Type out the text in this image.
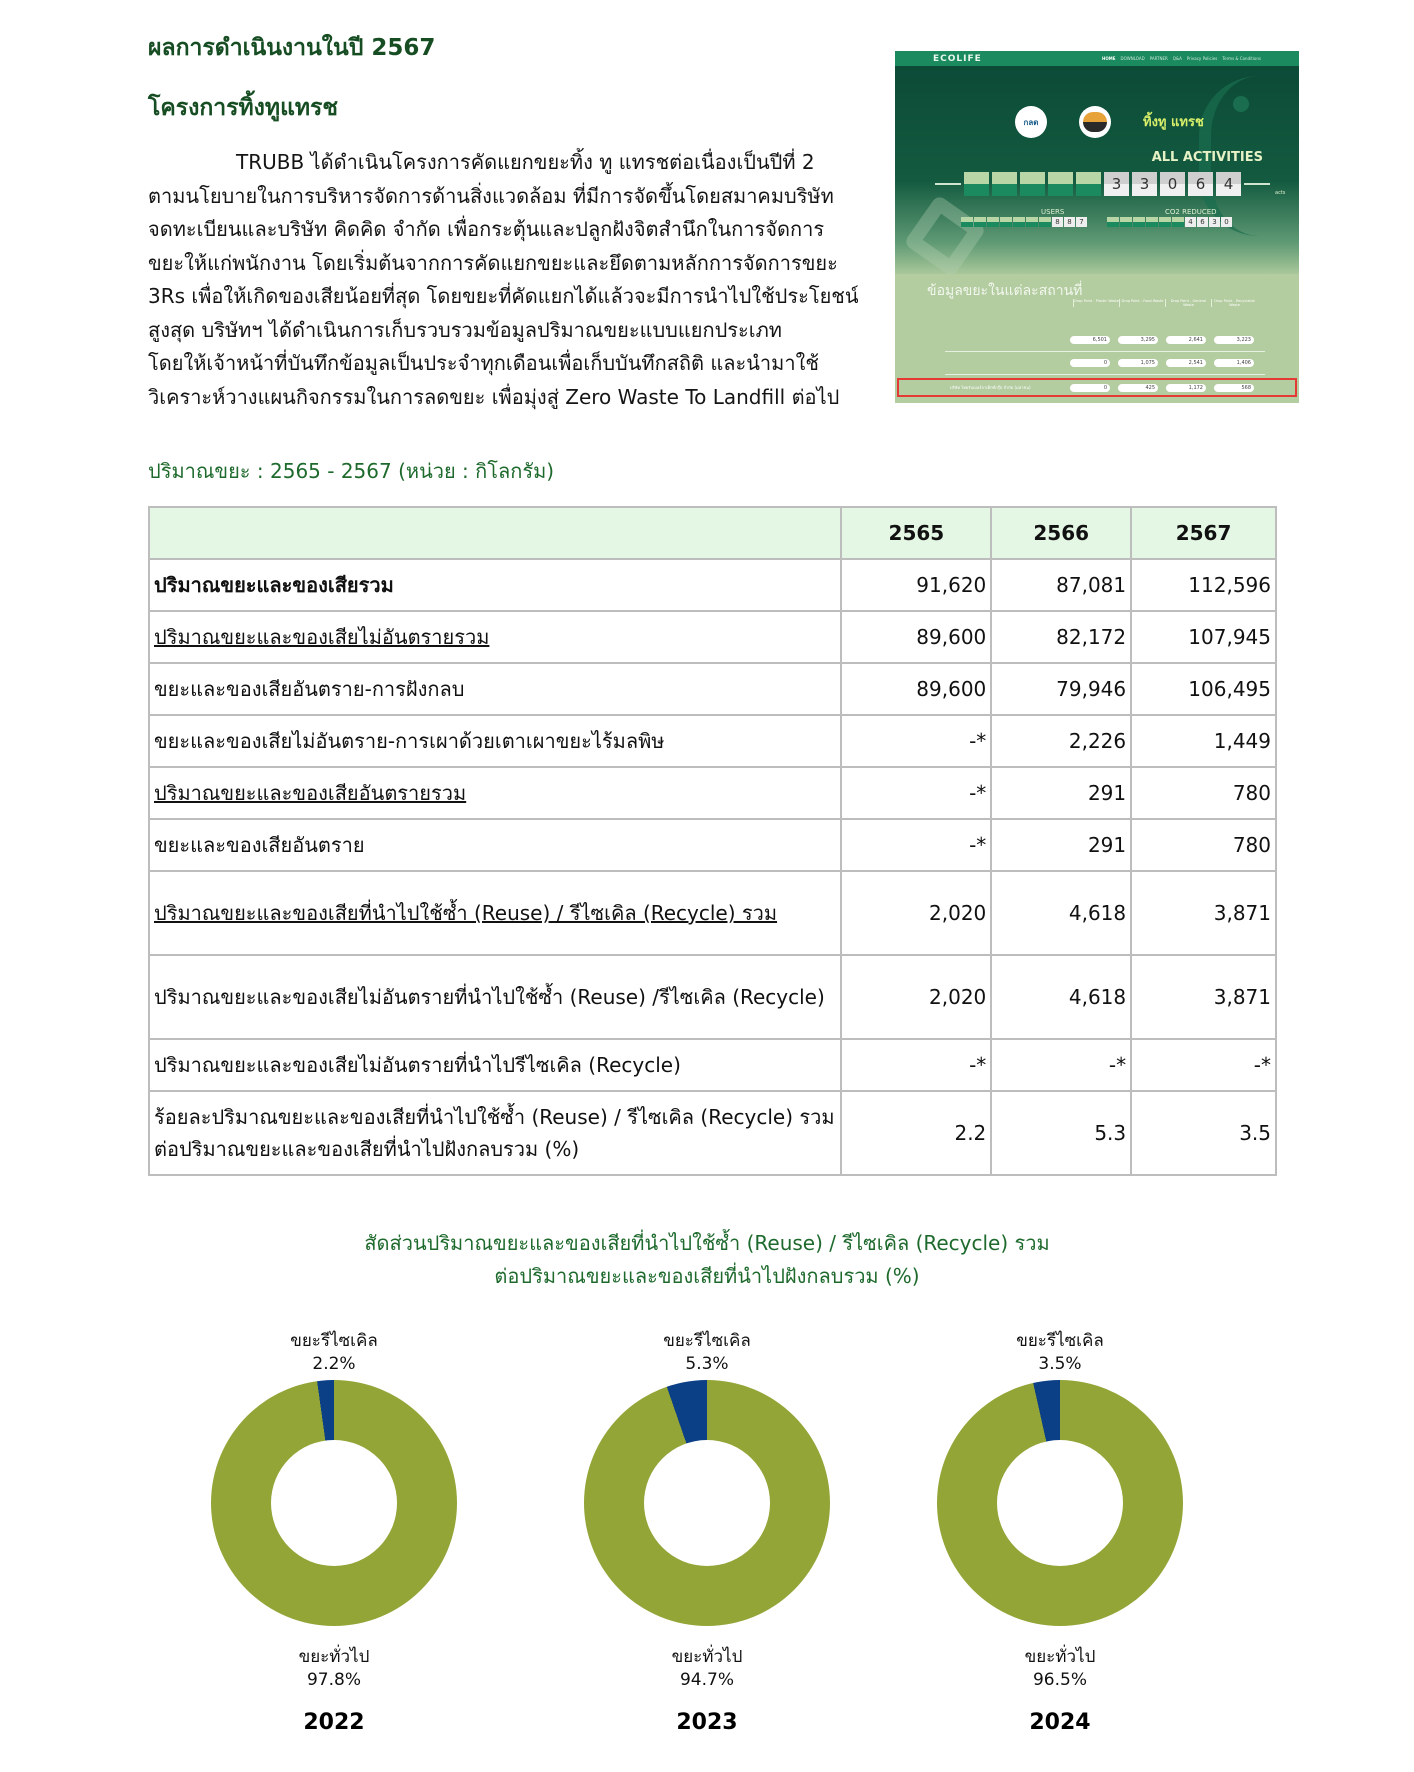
ผลการดำเนินงานในปี 2567
โครงการทิ้งทูแทรช

TRUBB ได้ดำเนินโครงการคัดแยกขยะทิ้ง ทู แทรชต่อเนื่องเป็นปีที่ 2

ตามนโยบายในการบริหารจัดการด้านสิ่งแวดล้อม ที่มีการจัดขึ้นโดยสมาคมบริษัท

จดทะเบียนและบริษัท คิดคิด จำกัด เพื่อกระตุ้นและปลูกฝังจิตสำนึกในการจัดการ

ขยะให้แก่พนักงาน โดยเริ่มต้นจากการคัดแยกขยะและยึดตามหลักการจัดการขยะ

3Rs เพื่อให้เกิดของเสียน้อยที่สุด โดยขยะที่คัดแยกได้แล้วจะมีการนำไปใช้ประโยชน์

สูงสุด บริษัทฯ ได้ดำเนินการเก็บรวบรวมข้อมูลปริมาณขยะแบบแยกประเภท

โดยให้เจ้าหน้าที่บันทึกข้อมูลเป็นประจำทุกเดือนเพื่อเก็บบันทึกสถิติ และนำมาใช้

วิเคราะห์วางแผนกิจกรรมในการลดขยะ เพื่อมุ่งสู่ Zero Waste To Landfill ต่อไป

ECOLIFE	HOME DOWNLOAD PARTNER Q&A Privacy Policies Terms & Conditions
กลต	ทิ้งทู แทรช
ALL ACTIVITIES
3	3	0	6	4	acts
USERS	CO2 REDUCED
8	8	7	4	6	3	0
ข้อมูลขยะในแต่ละสถานที่
Drop Point - Plastic Waste Drop Point - Food Waste	Drop Point - General Waste
Drop Point - Recyclable Waste
6,501	3,295	2,641	3,223
0	1,075	2,541	1,406
บริษัท ไทยรับเบอร์ลาเท็กซ์กรุ๊ป จำกัด (มหาชน)	0	425	1,172	568
ปริมาณขยะ : 2565 - 2567 (หน่วย : กิโลกรัม)
	2565	2566	2567
ปริมาณขยะและของเสียรวม	91,620	87,081	112,596
ปริมาณขยะและของเสียไม่อันตรายรวม	89,600	82,172	107,945
ขยะและของเสียอันตราย-การฝังกลบ	89,600	79,946	106,495
ขยะและของเสียไม่อันตราย-การเผาด้วยเตาเผาขยะไร้มลพิษ	-*	2,226	1,449
ปริมาณขยะและของเสียอันตรายรวม	-*	291	780
ขยะและของเสียอันตราย	-*	291	780
ปริมาณขยะและของเสียที่นำไปใช้ซ้ำ (Reuse) / รีไซเคิล (Recycle) รวม	2,020	4,618	3,871
ปริมาณขยะและของเสียไม่อันตรายที่นำไปใช้ซ้ำ (Reuse) /รีไซเคิล (Recycle)	2,020	4,618	3,871
ปริมาณขยะและของเสียไม่อันตรายที่นำไปรีไซเคิล (Recycle)	-*	-*	-*
ร้อยละปริมาณขยะและของเสียที่นำไปใช้ซ้ำ (Reuse) / รีไซเคิล (Recycle) รวมต่อปริมาณขยะและของเสียที่นำไปฝังกลบรวม (%)	2.2	5.3	3.5
สัดส่วนปริมาณขยะและของเสียที่นำไปใช้ซ้ำ (Reuse) / รีไซเคิล (Recycle) รวม
ต่อปริมาณขยะและของเสียที่นำไปฝังกลบรวม (%)
ขยะรีไซเคิล
2.2%
ขยะทั่วไป
97.8%
2022
ขยะรีไซเคิล
5.3%
ขยะทั่วไป
94.7%
2023
ขยะรีไซเคิล
3.5%
ขยะทั่วไป
96.5%
2024
